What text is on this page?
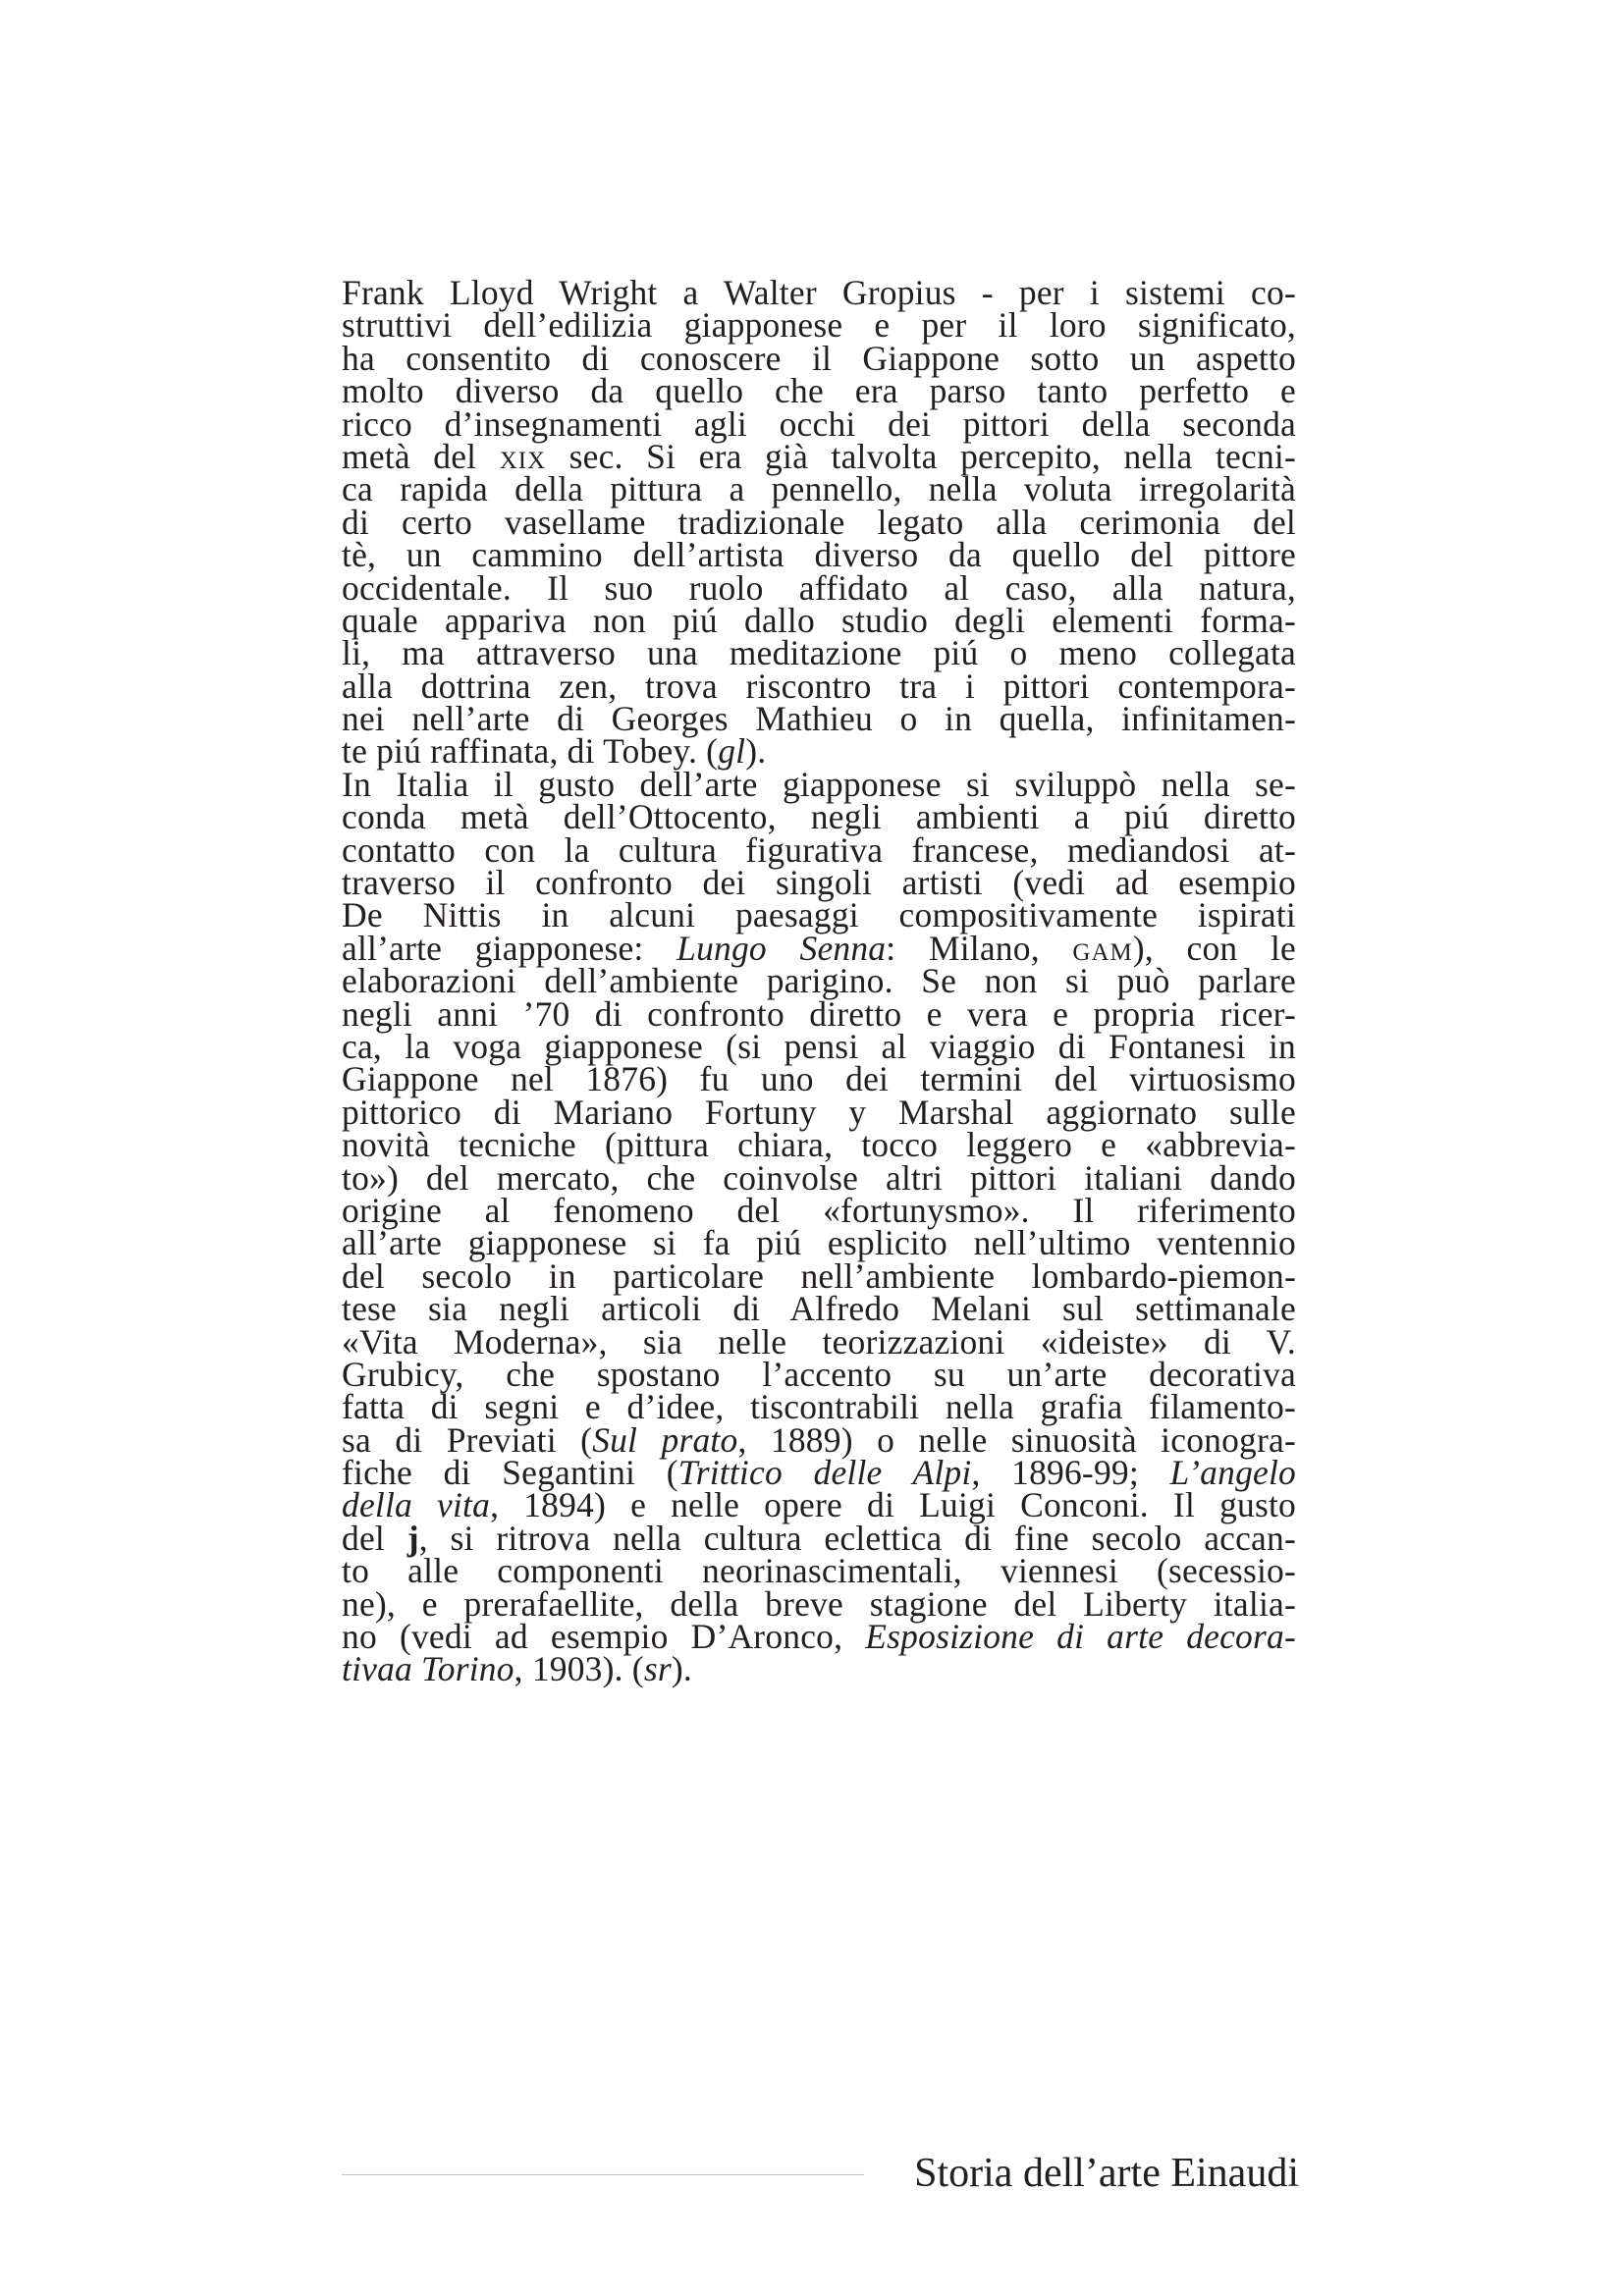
Frank Lloyd Wright a Walter Gropius - per i sistemi co-
struttivi dell’edilizia giapponese e per il loro significato,
ha consentito di conoscere il Giappone sotto un aspetto
molto diverso da quello che era parso tanto perfetto e
ricco d’insegnamenti agli occhi dei pittori della seconda
metà del xix sec. Si era già talvolta percepito, nella tecni-
ca rapida della pittura a pennello, nella voluta irregolarità
di certo vasellame tradizionale legato alla cerimonia del
tè, un cammino dell’artista diverso da quello del pittore
occidentale. Il suo ruolo affidato al caso, alla natura,
quale appariva non piú dallo studio degli elementi forma-
li, ma attraverso una meditazione piú o meno collegata
alla dottrina zen, trova riscontro tra i pittori contempora-
nei nell’arte di Georges Mathieu o in quella, infinitamen-
te piú raffinata, di Tobey. (gl).
In Italia il gusto dell’arte giapponese si sviluppò nella se-
conda metà dell’Ottocento, negli ambienti a piú diretto
contatto con la cultura figurativa francese, mediandosi at-
traverso il confronto dei singoli artisti (vedi ad esempio
De Nittis in alcuni paesaggi compositivamente ispirati
all’arte giapponese: Lungo Senna: Milano, gam), con le
elaborazioni dell’ambiente parigino. Se non si può parlare
negli anni ’70 di confronto diretto e vera e propria ricer-
ca, la voga giapponese (si pensi al viaggio di Fontanesi in
Giappone nel 1876) fu uno dei termini del virtuosismo
pittorico di Mariano Fortuny y Marshal aggiornato sulle
novità tecniche (pittura chiara, tocco leggero e «abbrevia-
to») del mercato, che coinvolse altri pittori italiani dando
origine al fenomeno del «fortunysmo». Il riferimento
all’arte giapponese si fa piú esplicito nell’ultimo ventennio
del secolo in particolare nell’ambiente lombardo-piemon-
tese sia negli articoli di Alfredo Melani sul settimanale
«Vita Moderna», sia nelle teorizzazioni «ideiste» di V.
Grubicy, che spostano l’accento su un’arte decorativa
fatta di segni e d’idee, tiscontrabili nella grafia filamento-
sa di Previati (Sul prato, 1889) o nelle sinuosità iconogra-
fiche di Segantini (Trittico delle Alpi, 1896-99; L’angelo
della vita, 1894) e nelle opere di Luigi Conconi. Il gusto
del j, si ritrova nella cultura eclettica di fine secolo accan-
to alle componenti neorinascimentali, viennesi (secessio-
ne), e prerafaellite, della breve stagione del Liberty italia-
no (vedi ad esempio D’Aronco, Esposizione di arte decora-
tivaa Torino, 1903). (sr).
Storia dell’arte Einaudi
